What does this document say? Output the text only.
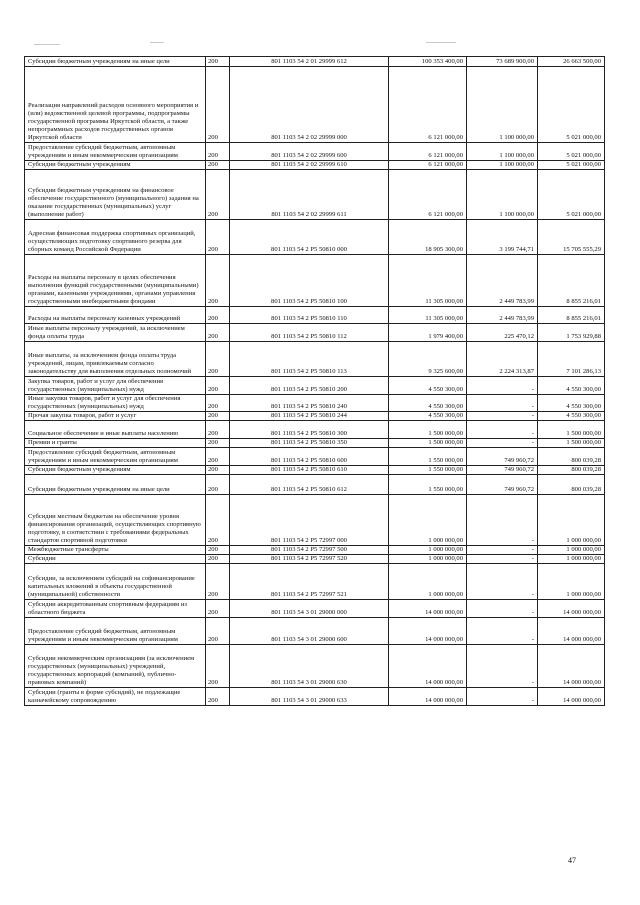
Субсидии бюджетным учреждениям на иные цели	200	801 1103 54 2 01 29999 612	100 353 400,00	73 689 900,00	26 663 500,00
Реализация направлений расходов основного мероприятия и (или) ведомственной целевой программы, подпрограммы государственной программы Иркутской области, а также непрограммных расходов государственных органов Иркутской области	200	801 1103 54 2 02 29999 000	6 121 000,00	1 100 000,00	5 021 000,00
Предоставление субсидий бюджетным, автономным учреждениям и иным некоммерческим организациям	200	801 1103 54 2 02 29999 600	6 121 000,00	1 100 000,00	5 021 000,00
Субсидии бюджетным учреждениям	200	801 1103 54 2 02 29999 610	6 121 000,00	1 100 000,00	5 021 000,00
Субсидии бюджетным учреждениям на финансовое обеспечение государственного (муниципального) задания на оказание государственных (муниципальных) услуг (выполнение работ)	200	801 1103 54 2 02 29999 611	6 121 000,00	1 100 000,00	5 021 000,00
Адресная финансовая поддержка спортивных организаций, осуществляющих подготовку спортивного резерва для сборных команд Российской Федерации	200	801 1103 54 2 P5 50810 000	18 905 300,00	3 199 744,71	15 705 555,29
Расходы на выплаты персоналу в целях обеспечения выполнения функций государственными (муниципальными) органами, казенными учреждениями, органами управления государственными внебюджетными фондами	200	801 1103 54 2 P5 50810 100	11 305 000,00	2 449 783,99	8 855 216,01
Расходы на выплаты персоналу казенных учреждений	200	801 1103 54 2 P5 50810 110	11 305 000,00	2 449 783,99	8 855 216,01
Иные выплаты персоналу учреждений, за исключением фонда оплаты труда	200	801 1103 54 2 P5 50810 112	1 979 400,00	225 470,12	1 753 929,88
Иные выплаты, за исключением фонда оплаты труда учреждений, лицам, привлекаемым согласно законодательству для выполнения отдельных полномочий	200	801 1103 54 2 P5 50810 113	9 325 600,00	2 224 313,87	7 101 286,13
Закупка товаров, работ и услуг для обеспечения государственных (муниципальных) нужд	200	801 1103 54 2 P5 50810 200	4 550 300,00	-	4 550 300,00
Иные закупки товаров, работ и услуг для обеспечения государственных (муниципальных) нужд	200	801 1103 54 2 P5 50810 240	4 550 300,00	-	4 550 300,00
Прочая закупка товаров, работ и услуг	200	801 1103 54 2 P5 50810 244	4 550 300,00	-	4 550 300,00
Социальное обеспечение и иные выплаты населению	200	801 1103 54 2 P5 50810 300	1 500 000,00	-	1 500 000,00
Премии и гранты	200	801 1103 54 2 P5 50810 350	1 500 000,00	-	1 500 000,00
Предоставление субсидий бюджетным, автономным учреждениям и иным некоммерческим организациям	200	801 1103 54 2 P5 50810 600	1 550 000,00	749 960,72	800 039,28
Субсидии бюджетным учреждениям	200	801 1103 54 2 P5 50810 610	1 550 000,00	749 960,72	800 039,28
Субсидии бюджетным учреждениям на иные цели	200	801 1103 54 2 P5 50810 612	1 550 000,00	749 960,72	800 039,28
Субсидии местным бюджетам на обеспечение уровня финансирования организаций, осуществляющих спортивную подготовку, в соответствии с требованиями федеральных стандартов спортивной подготовки	200	801 1103 54 2 P5 72997 000	1 000 000,00	-	1 000 000,00
Межбюджетные трансферты	200	801 1103 54 2 P5 72997 500	1 000 000,00	-	1 000 000,00
Субсидии	200	801 1103 54 2 P5 72997 520	1 000 000,00	-	1 000 000,00
Субсидии, за исключением субсидий на софинансирование капитальных вложений в объекты государственной (муниципальной) собственности	200	801 1103 54 2 P5 72997 521	1 000 000,00	-	1 000 000,00
Субсидии аккредитованным спортивным федерациям из областного бюджета	200	801 1103 54 3 01 29000 000	14 000 000,00	-	14 000 000,00
Предоставление субсидий бюджетным, автономным учреждениям и иным некоммерческим организациям	200	801 1103 54 3 01 29000 600	14 000 000,00	-	14 000 000,00
Субсидии некоммерческим организациям (за исключением государственных (муниципальных) учреждений, государственных корпораций (компаний), публично-правовых компаний)	200	801 1103 54 3 01 29000 630	14 000 000,00	-	14 000 000,00
Субсидии (гранты в форме субсидий), не подлежащие казначейскому сопровождению	200	801 1103 54 3 01 29000 633	14 000 000,00	-	14 000 000,00
47
